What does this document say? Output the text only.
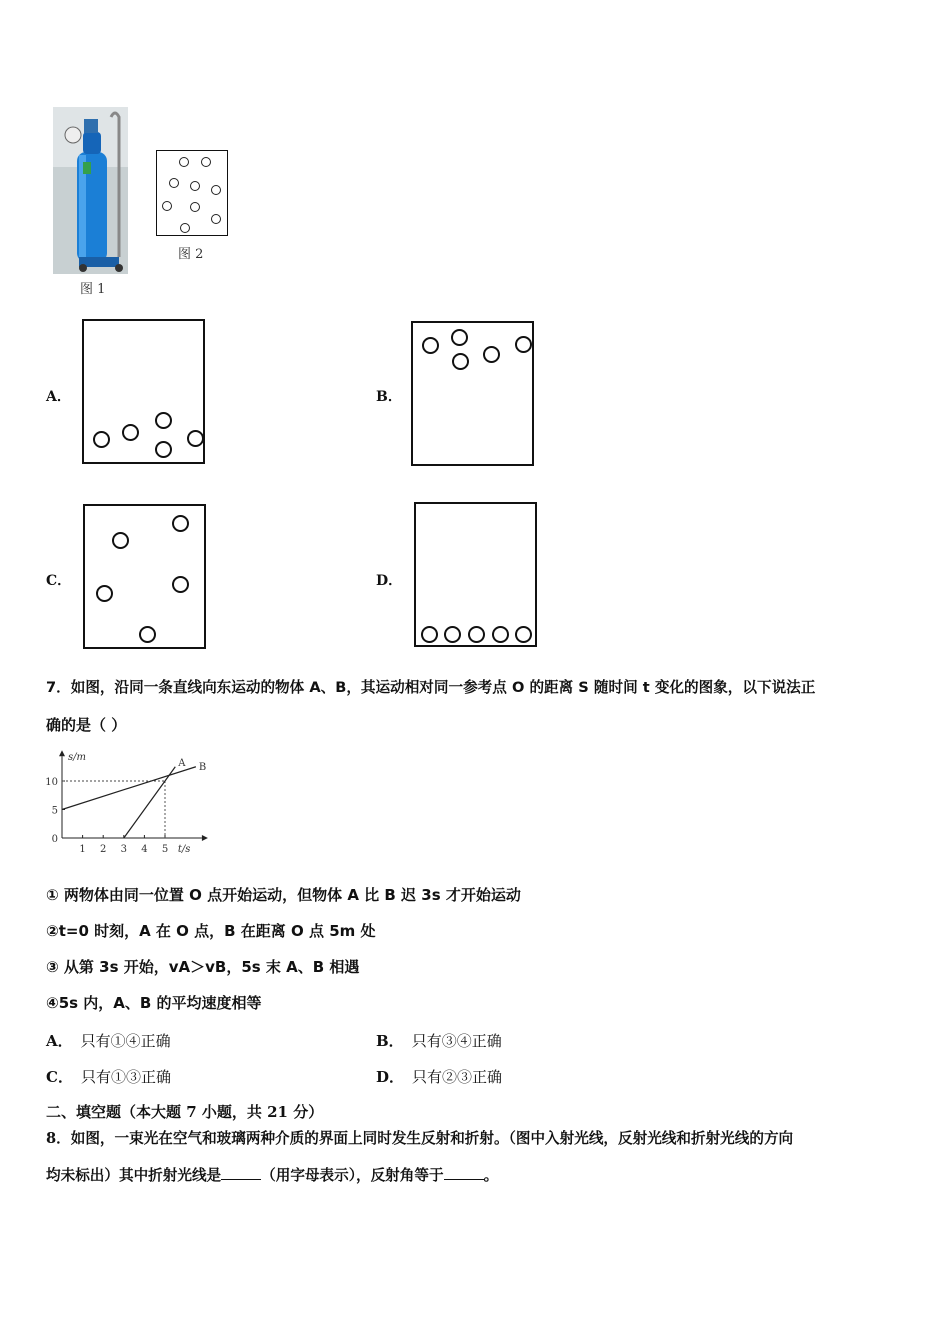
图 1
图 2
A．	B．
C．	D．
7．如图，沿同一条直线向东运动的物体 A、B，其运动相对同一参考点 O 的距离 S 随时间 t 变化的图象，以下说法正
确的是（ ）
1 2 3 4 5
0
5
10
s/m
t/s
A B
① 两物体由同一位置 O 点开始运动，但物体 A 比 B 迟 3s 才开始运动
②t=0 时刻，A 在 O 点，B 在距离 O 点 5m 处
③ 从第 3s 开始，vA＞vB，5s 末 A、B 相遇
④5s 内，A、B 的平均速度相等
A． 只有①④正确	B． 只有③④正确
C． 只有①③正确	D． 只有②③正确
二、填空题（本大题 7 小题，共 21 分）
8．如图，一束光在空气和玻璃两种介质的界面上同时发生反射和折射。（图中入射光线，反射光线和折射光线的方向
均未标出）其中折射光线是	（用字母表示），反射角等于	。
